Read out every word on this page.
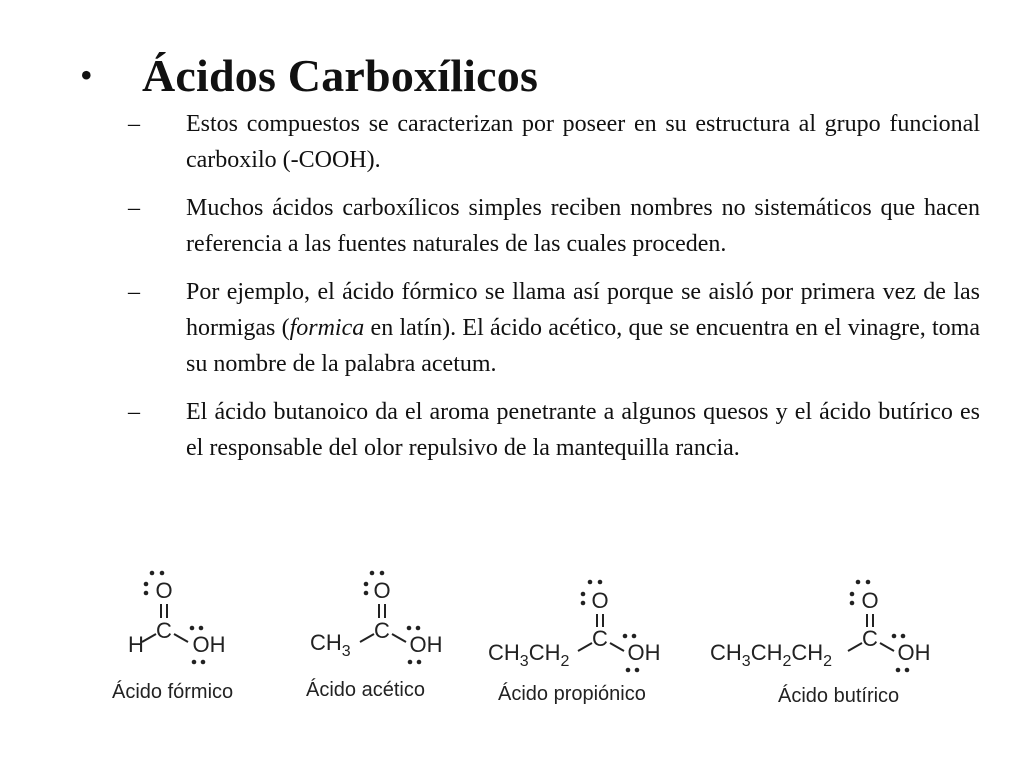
•	Ácidos Carboxílicos
–	Estos compuestos se caracterizan por poseer en su estructura al grupo funcional carboxilo (-COOH).
–	Muchos ácidos carboxílicos simples reciben nombres no sistemáticos que hacen referencia a las fuentes naturales de las cuales proceden.
–	Por ejemplo, el ácido fórmico se llama así porque se aisló por primera vez de las hormigas (formica en latín). El ácido acético, que se encuentra en el vinagre, toma su nombre de la palabra acetum.
–	El ácido butanoico da el aroma penetrante a algunos quesos y el ácido butírico es el responsable del olor repulsivo de la mantequilla rancia.
O
C
H OH
Ácido fórmico
O
C
$CH_3$	OH
Ácido acético
O
C
$CH_3CH_2$	OH
Ácido propiónico
O
C
$CH_3CH_2CH_2$	OH
Ácido butírico
